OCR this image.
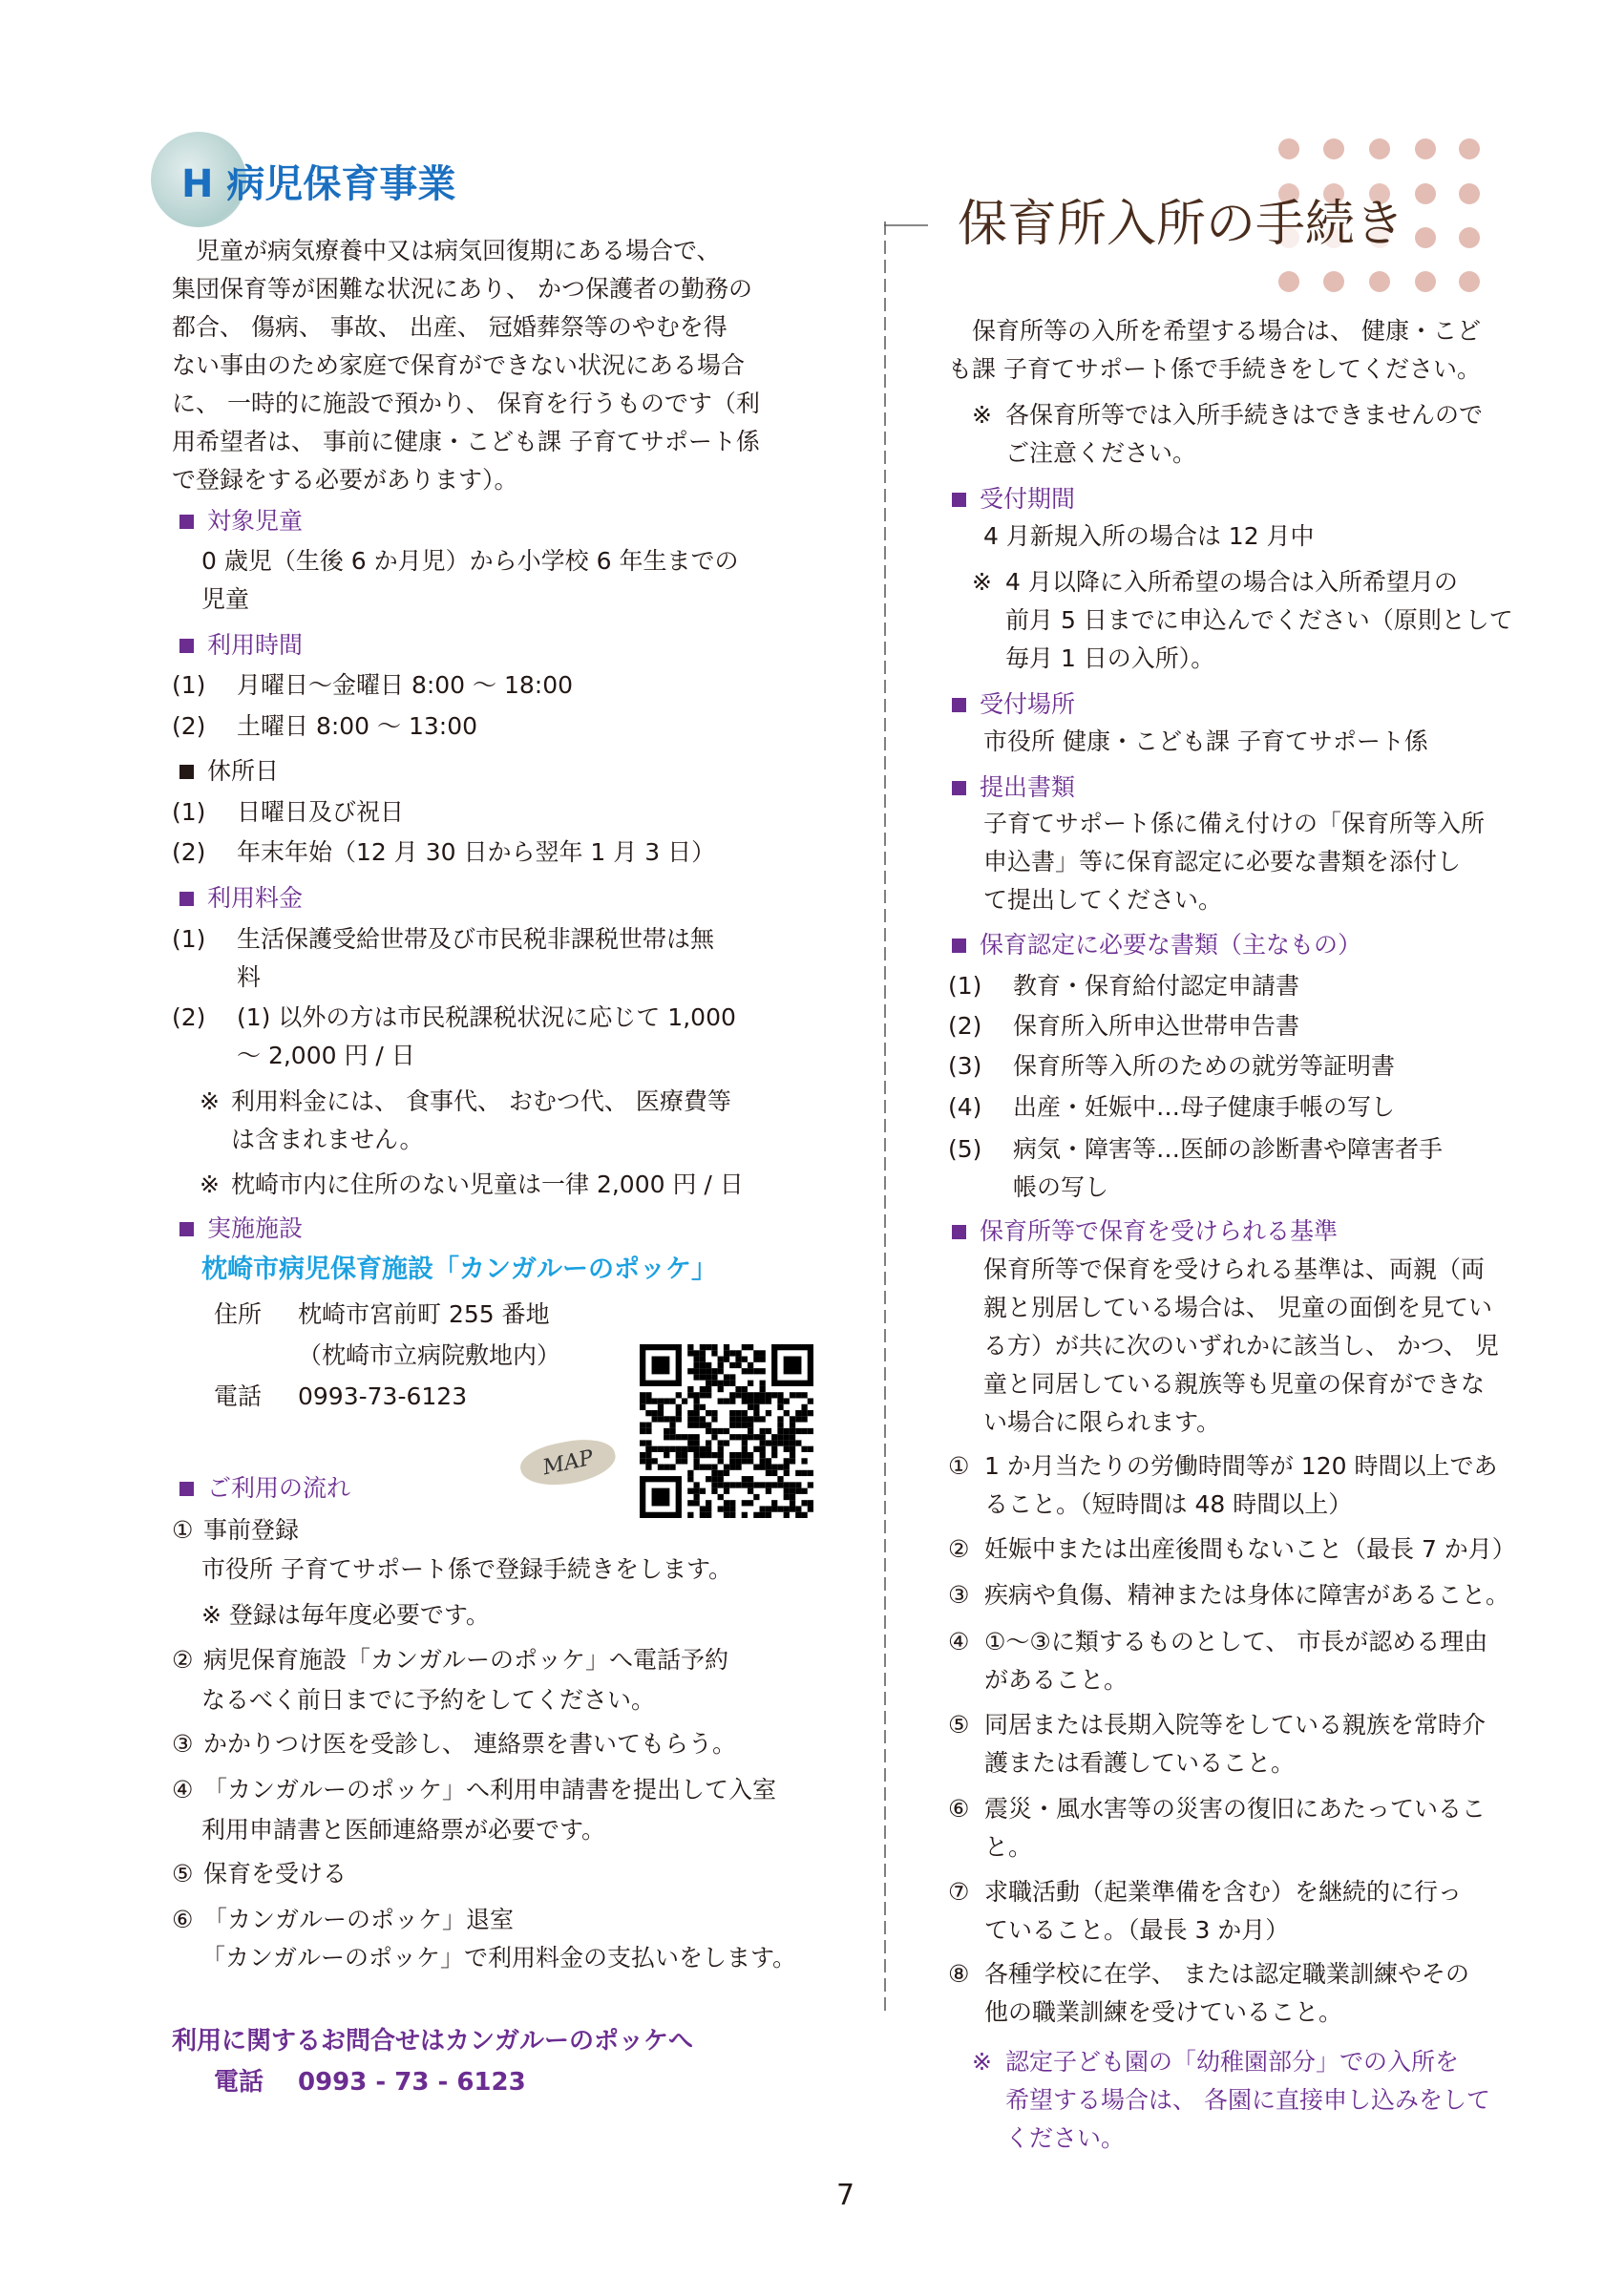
H 病児保育事業
　児童が病気療養中又は病気回復期にある場合で、
集団保育等が困難な状況にあり、 かつ保護者の勤務の
都合、 傷病、 事故、 出産、 冠婚葬祭等のやむを得
ない事由のため家庭で保育ができない状況にある場合
に、 一時的に施設で預かり、 保育を行うものです（利
用希望者は、 事前に健康・こども課 子育てサポート係
で登録をする必要があります）。
対象児童
0 歳児（生後 6 か月児）から小学校 6 年生までの
児童
利用時間
(1)	月曜日～金曜日 8:00 ～ 18:00
(2)	土曜日 8:00 ～ 13:00
休所日
(1)	日曜日及び祝日
(2)	年末年始（12 月 30 日から翌年 1 月 3 日）
利用料金
(1)	生活保護受給世帯及び市民税非課税世帯は無
料
(2)	(1) 以外の方は市民税課税状況に応じて 1,000
～ 2,000 円 / 日
※ 利用料金には、 食事代、 おむつ代、 医療費等
は含まれません。
※ 枕崎市内に住所のない児童は一律 2,000 円 / 日
実施施設
枕崎市病児保育施設「カンガルーのポッケ」
住所 枕崎市宮前町 255 番地
（枕崎市立病院敷地内）
電話 0993-73-6123
MAP
ご利用の流れ
① 事前登録
市役所 子育てサポート係で登録手続きをします。
※ 登録は毎年度必要です。
② 病児保育施設「カンガルーのポッケ」へ電話予約
なるべく前日までに予約をしてください。
③ かかりつけ医を受診し、 連絡票を書いてもらう。
④ 「カンガルーのポッケ」へ利用申請書を提出して入室
利用申請書と医師連絡票が必要です。
⑤ 保育を受ける
⑥ 「カンガルーのポッケ」退室
「カンガルーのポッケ」で利用料金の支払いをします。
利用に関するお問合せはカンガルーのポッケへ
電話 0993 - 73 - 6123
保育所入所の手続き
　保育所等の入所を希望する場合は、 健康・こど
も課 子育てサポート係で手続きをしてください。
※ 各保育所等では入所手続きはできませんので
ご注意ください。
受付期間
4 月新規入所の場合は 12 月中
※ 4 月以降に入所希望の場合は入所希望月の
前月 5 日までに申込んでください（原則として
毎月 1 日の入所）。
受付場所
市役所 健康・こども課 子育てサポート係
提出書類
子育てサポート係に備え付けの「保育所等入所
申込書」等に保育認定に必要な書類を添付し
て提出してください。
保育認定に必要な書類（主なもの）
(1)	教育・保育給付認定申請書
(2)	保育所入所申込世帯申告書
(3)	保育所等入所のための就労等証明書
(4)	出産・妊娠中…母子健康手帳の写し
(5)	病気・障害等…医師の診断書や障害者手
帳の写し
保育所等で保育を受けられる基準
保育所等で保育を受けられる基準は、両親（両
親と別居している場合は、 児童の面倒を見てい
る方）が共に次のいずれかに該当し、 かつ、 児
童と同居している親族等も児童の保育ができな
い場合に限られます。
① 1 か月当たりの労働時間等が 120 時間以上であ
ること。（短時間は 48 時間以上）
② 妊娠中または出産後間もないこと（最長 7 か月）
③ 疾病や負傷、精神または身体に障害があること。
④ ①～③に類するものとして、 市長が認める理由
があること。
⑤ 同居または長期入院等をしている親族を常時介
護または看護していること。
⑥ 震災・風水害等の災害の復旧にあたっているこ
と。
⑦ 求職活動（起業準備を含む）を継続的に行っ
ていること。（最長 3 か月）
⑧ 各種学校に在学、 または認定職業訓練やその
他の職業訓練を受けていること。
※ 認定子ども園の「幼稚園部分」での入所を
希望する場合は、 各園に直接申し込みをして
ください。
7
